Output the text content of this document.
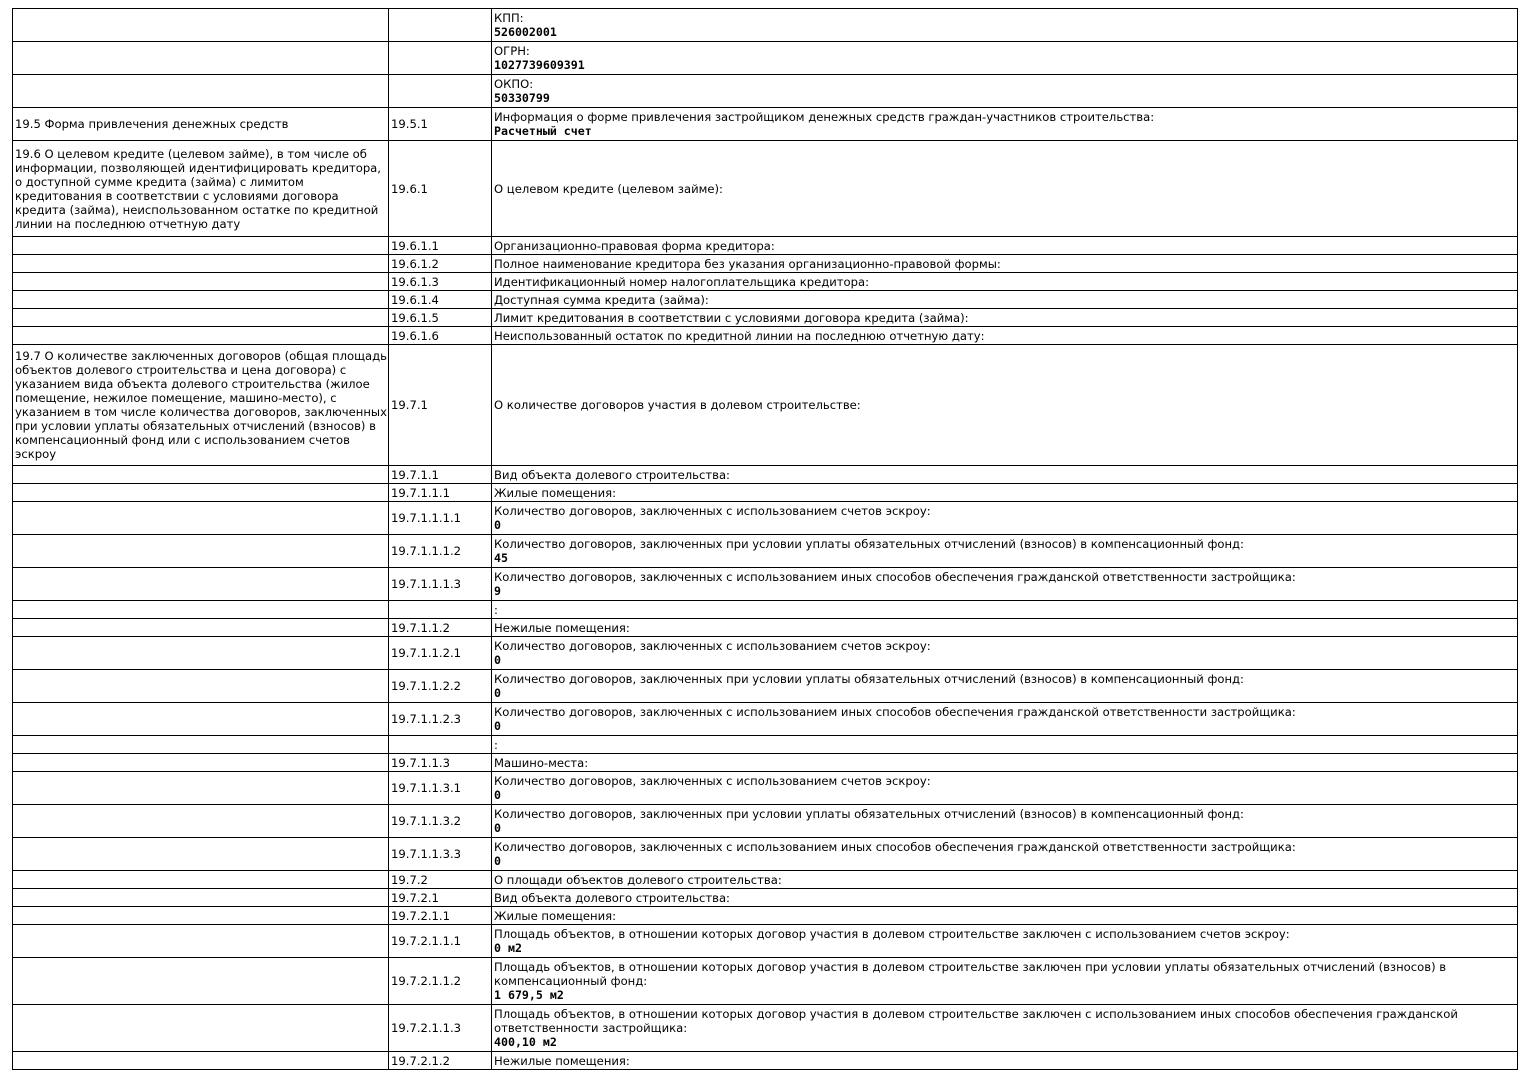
		КПП:
526002001

		ОГРН:
1027739609391

		ОКПО:
50330799

19.5 Форма привлечения денежных средств	19.5.1	Информация о форме привлечения застройщиком денежных средств граждан-участников строительства:
Расчетный счет

19.6 О целевом кредите (целевом займе), в том числе об информации, позволяющей идентифицировать кредитора, о доступной сумме кредита (займа) с лимитом кредитования в соответствии с условиями договора кредита (займа), неиспользованном остатке по кредитной линии на последнюю отчетную дату	19.6.1	О целевом кредите (целевом займе):

	19.6.1.1	Организационно-правовая форма кредитора:

	19.6.1.2	Полное наименование кредитора без указания организационно-правовой формы:

	19.6.1.3	Идентификационный номер налогоплательщика кредитора:

	19.6.1.4	Доступная сумма кредита (займа):

	19.6.1.5	Лимит кредитования в соответствии с условиями договора кредита (займа):

	19.6.1.6	Неиспользованный остаток по кредитной линии на последнюю отчетную дату:

19.7 О количестве заключенных договоров (общая площадь объектов долевого строительства и цена договора) с указанием вида объекта долевого строительства (жилое помещение, нежилое помещение, машино-место), с указанием в том числе количества договоров, заключенных при условии уплаты обязательных отчислений (взносов) в компенсационный фонд или с использованием счетов эскроу	19.7.1	О количестве договоров участия в долевом строительстве:

	19.7.1.1	Вид объекта долевого строительства:

	19.7.1.1.1	Жилые помещения:

	19.7.1.1.1.1	Количество договоров, заключенных с использованием счетов эскроу:
0

	19.7.1.1.1.2	Количество договоров, заключенных при условии уплаты обязательных отчислений (взносов) в компенсационный фонд:
45

	19.7.1.1.1.3	Количество договоров, заключенных с использованием иных способов обеспечения гражданской ответственности застройщика:
9

		:

	19.7.1.1.2	Нежилые помещения:

	19.7.1.1.2.1	Количество договоров, заключенных с использованием счетов эскроу:
0

	19.7.1.1.2.2	Количество договоров, заключенных при условии уплаты обязательных отчислений (взносов) в компенсационный фонд:
0

	19.7.1.1.2.3	Количество договоров, заключенных с использованием иных способов обеспечения гражданской ответственности застройщика:
0

		:

	19.7.1.1.3	Машино-места:

	19.7.1.1.3.1	Количество договоров, заключенных с использованием счетов эскроу:
0

	19.7.1.1.3.2	Количество договоров, заключенных при условии уплаты обязательных отчислений (взносов) в компенсационный фонд:
0

	19.7.1.1.3.3	Количество договоров, заключенных с использованием иных способов обеспечения гражданской ответственности застройщика:
0

	19.7.2	О площади объектов долевого строительства:

	19.7.2.1	Вид объекта долевого строительства:

	19.7.2.1.1	Жилые помещения:

	19.7.2.1.1.1	Площадь объектов, в отношении которых договор участия в долевом строительстве заключен с использованием счетов эскроу:
0 м2

	19.7.2.1.1.2	Площадь объектов, в отношении которых договор участия в долевом строительстве заключен при условии уплаты обязательных отчислений (взносов) в компенсационный фонд:
1 679,5 м2

	19.7.2.1.1.3	Площадь объектов, в отношении которых договор участия в долевом строительстве заключен с использованием иных способов обеспечения гражданской ответственности застройщика:
400,10 м2

	19.7.2.1.2	Нежилые помещения:
